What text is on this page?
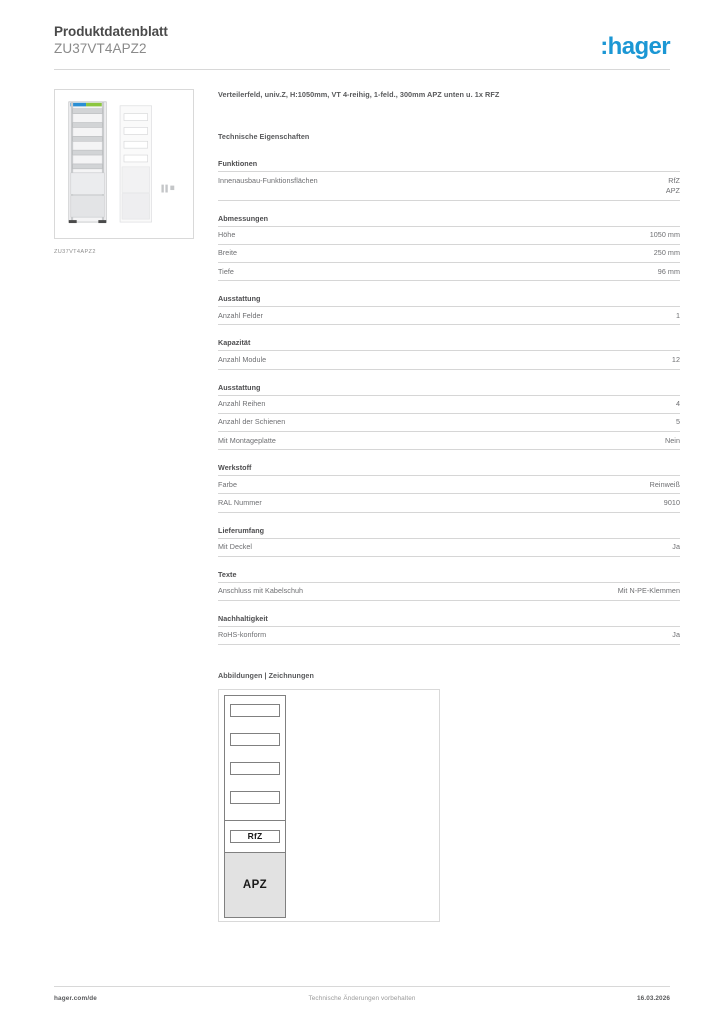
Produktdatenblatt
ZU37VT4APZ2	:hager
ZU37VT4APZ2
Verteilerfeld, univ.Z, H:1050mm, VT 4-reihig, 1-feld., 300mm APZ unten u. 1x RFZ
Technische Eigenschaften
Funktionen
Innenausbau-Funktionsflächen	RfZ
APZ
Abmessungen
Höhe	1050 mm

Breite	250 mm

Tiefe	96 mm
Ausstattung
Anzahl Felder	1
Kapazität
Anzahl Module	12
Ausstattung
Anzahl Reihen	4

Anzahl der Schienen	5

Mit Montageplatte	Nein
Werkstoff
Farbe	Reinweiß

RAL Nummer	9010
Lieferumfang
Mit Deckel	Ja
Texte
Anschluss mit Kabelschuh	Mit N-PE-Klemmen
Nachhaltigkeit
RoHS-konform	Ja
Abbildungen | Zeichnungen
RfZ
APZ
hager.com/de	Technische Änderungen vorbehalten	16.03.2026
